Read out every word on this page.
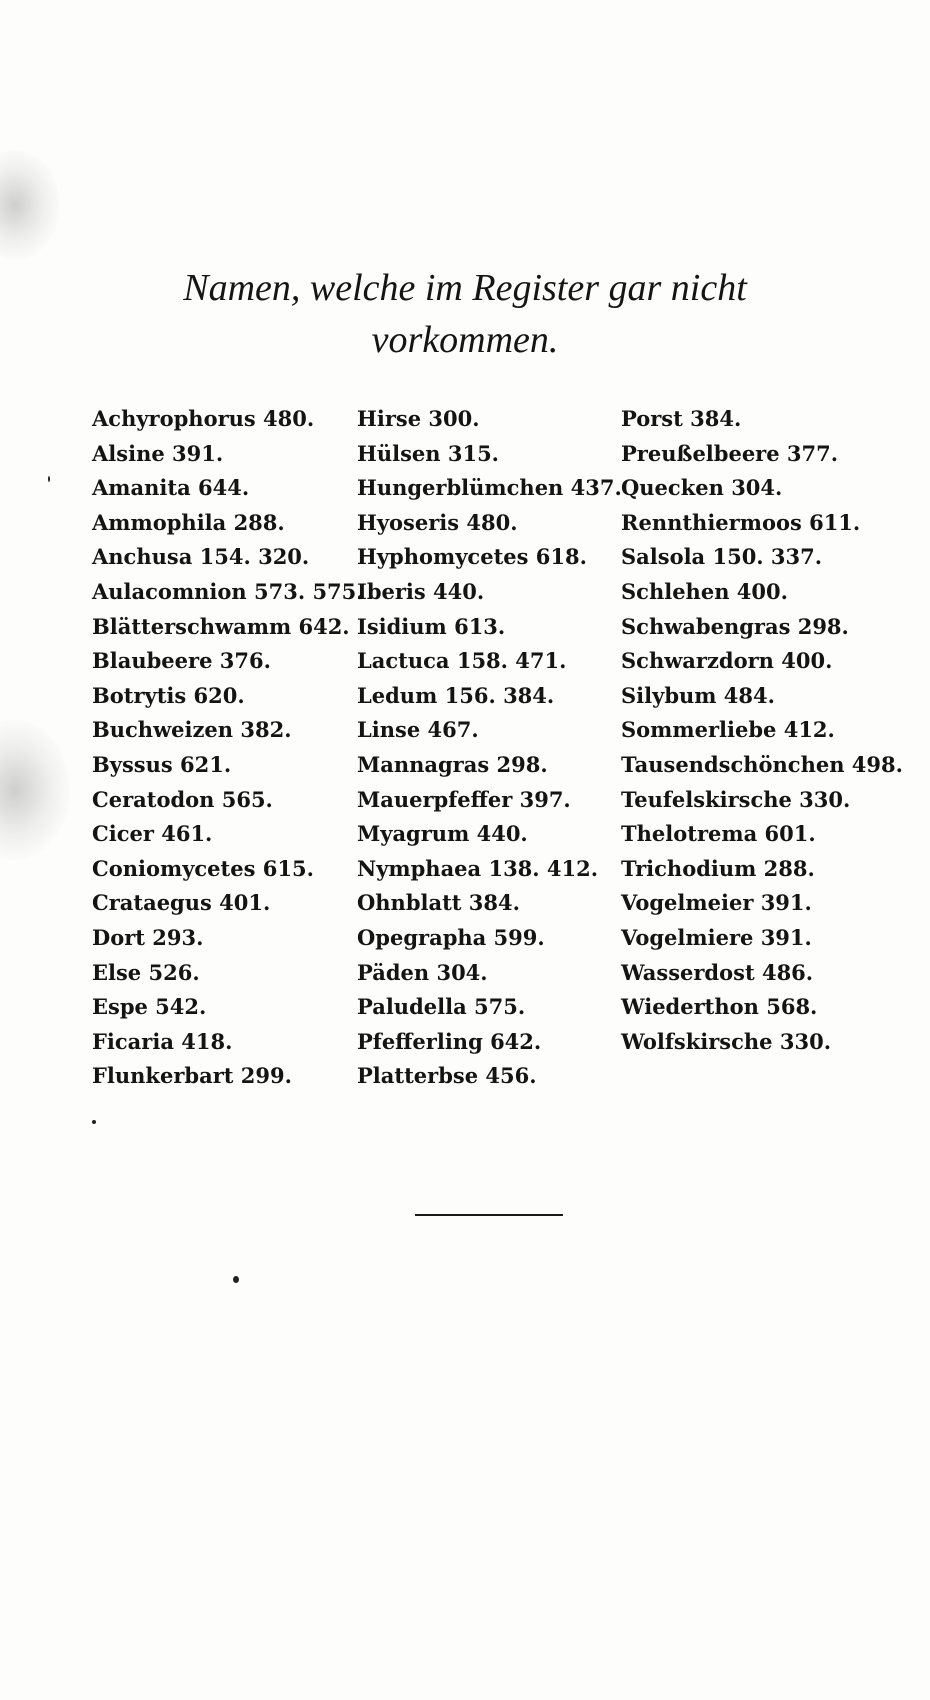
Namen, welche im Register gar nicht
vorkommen.
Achyrophorus 480.
Alsine 391.
Amanita 644.
Ammophila 288.
Anchusa 154. 320.
Aulacomnion 573. 575.
Blätterschwamm 642.
Blaubeere 376.
Botrytis 620.
Buchweizen 382.
Byssus 621.
Ceratodon 565.
Cicer 461.
Coniomycetes 615.
Crataegus 401.
Dort 293.
Else 526.
Espe 542.
Ficaria 418.
Flunkerbart 299.
Hirse 300.
Hülsen 315.
Hungerblümchen 437.
Hyoseris 480.
Hyphomycetes 618.
Iberis 440.
Isidium 613.
Lactuca 158. 471.
Ledum 156. 384.
Linse 467.
Mannagras 298.
Mauerpfeffer 397.
Myagrum 440.
Nymphaea 138. 412.
Ohnblatt 384.
Opegrapha 599.
Päden 304.
Paludella 575.
Pfefferling 642.
Platterbse 456.
Porst 384.
Preußelbeere 377.
Quecken 304.
Rennthiermoos 611.
Salsola 150. 337.
Schlehen 400.
Schwabengras 298.
Schwarzdorn 400.
Silybum 484.
Sommerliebe 412.
Tausendschönchen 498.
Teufelskirsche 330.
Thelotrema 601.
Trichodium 288.
Vogelmeier 391.
Vogelmiere 391.
Wasserdost 486.
Wiederthon 568.
Wolfskirsche 330.
